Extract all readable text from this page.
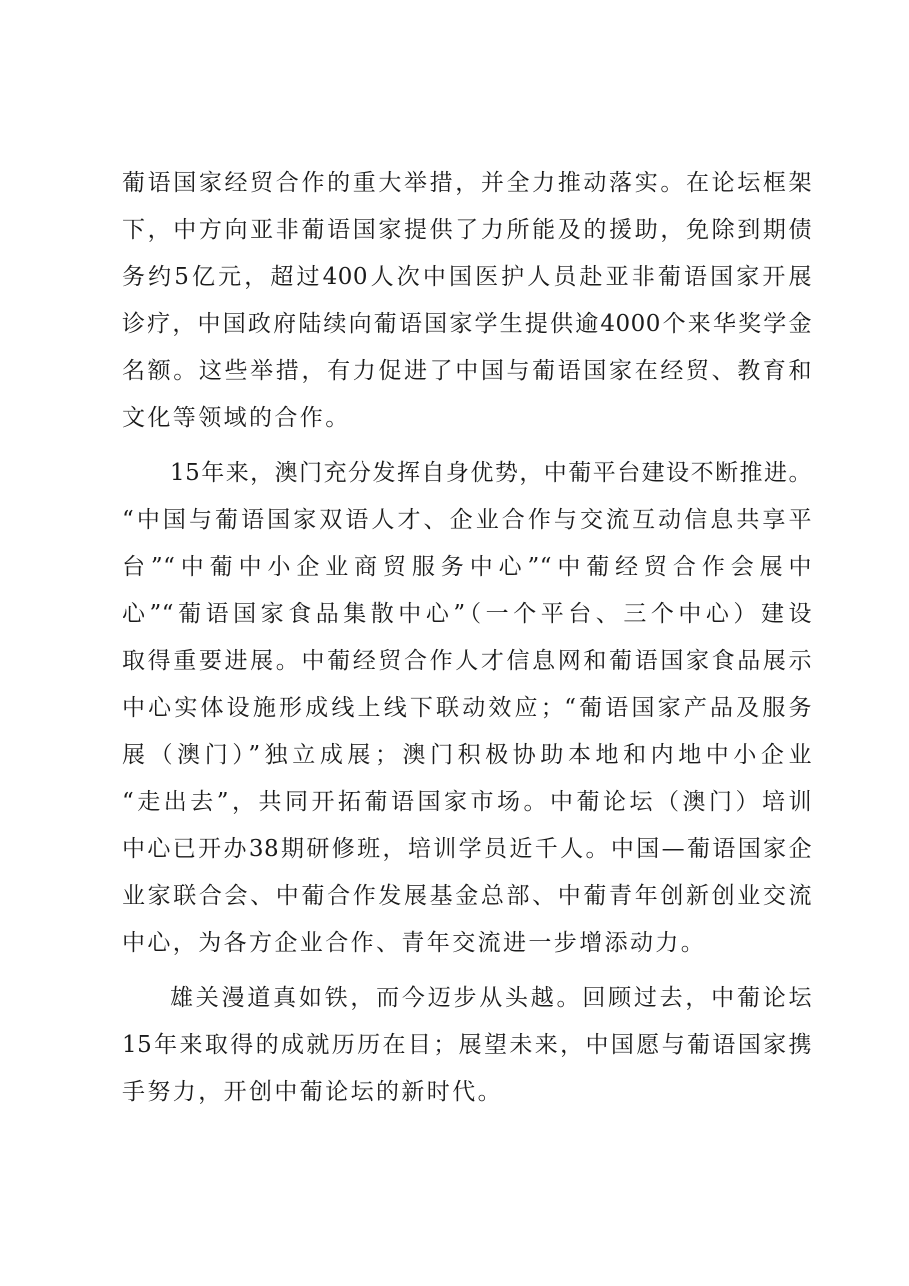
葡语国家经贸合作的重大举措，并全力推动落实。在论坛框架
下，中方向亚非葡语国家提供了力所能及的援助，免除到期债
务约5亿元，超过400人次中国医护人员赴亚非葡语国家开展
诊疗，中国政府陆续向葡语国家学生提供逾4000个来华奖学金
名额。这些举措，有力促进了中国与葡语国家在经贸、教育和
文化等领域的合作。
15年来，澳门充分发挥自身优势，中葡平台建设不断推进。
“中国与葡语国家双语人才、企业合作与交流互动信息共享平
台”“中葡中小企业商贸服务中心”“中葡经贸合作会展中
心”“葡语国家食品集散中心”（一个平台、三个中心）建设
取得重要进展。中葡经贸合作人才信息网和葡语国家食品展示
中心实体设施形成线上线下联动效应；“葡语国家产品及服务
展（澳门）”独立成展；澳门积极协助本地和内地中小企业
“走出去”，共同开拓葡语国家市场。中葡论坛（澳门）培训
中心已开办38期研修班，培训学员近千人。中国—葡语国家企
业家联合会、中葡合作发展基金总部、中葡青年创新创业交流
中心，为各方企业合作、青年交流进一步增添动力。
雄关漫道真如铁，而今迈步从头越。回顾过去，中葡论坛
15年来取得的成就历历在目；展望未来，中国愿与葡语国家携
手努力，开创中葡论坛的新时代。
